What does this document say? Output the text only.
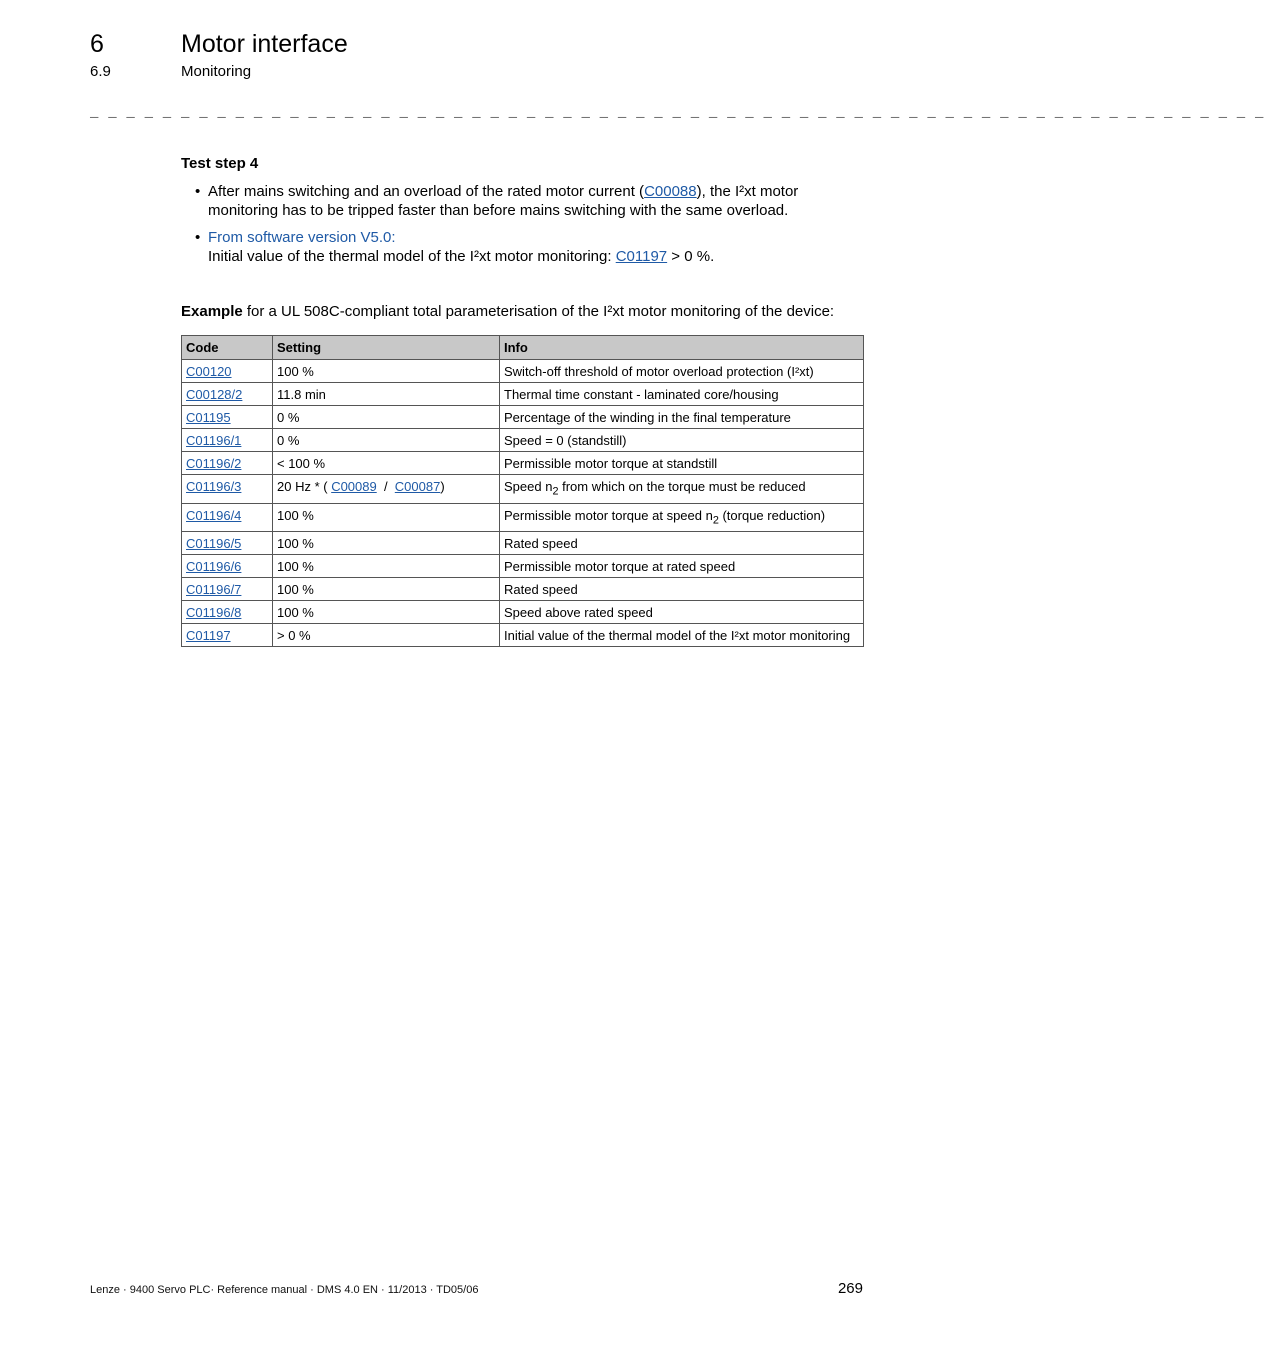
6	Motor interface
6.9	Monitoring
_ _ _ _ _ _ _ _ _ _ _ _ _ _ _ _ _ _ _ _ _ _ _ _ _ _ _ _ _ _ _ _ _ _ _ _ _ _ _ _ _ _ _ _ _ _ _ _ _ _ _ _ _ _ _ _ _ _ _ _ _ _ _ _ _
Test step 4
• After mains switching and an overload of the rated motor current (C00088), the I²xt motor monitoring has to be tripped faster than before mains switching with the same overload.
• From software version V5.0:
Initial value of the thermal model of the I²xt motor monitoring: C01197 > 0 %.
Example for a UL 508C-compliant total parameterisation of the I²xt motor monitoring of the device:
Code	Setting	Info
C00120	100 %	Switch-off threshold of motor overload protection (I²xt)
C00128/2	11.8 min	Thermal time constant - laminated core/housing
C01195	0 %	Percentage of the winding in the final temperature
C01196/1	0 %	Speed = 0 (standstill)
C01196/2	< 100 %	Permissible motor torque at standstill
C01196/3	20 Hz * ( C00089  /  C00087)	Speed $n_2$ from which on the torque must be reduced
C01196/4	100 %	Permissible motor torque at speed $n_2$ (torque reduction)
C01196/5	100 %	Rated speed
C01196/6	100 %	Permissible motor torque at rated speed
C01196/7	100 %	Rated speed
C01196/8	100 %	Speed above rated speed
C01197	> 0 %	Initial value of the thermal model of the I²xt motor monitoring
Lenze · 9400 Servo PLC· Reference manual · DMS 4.0 EN · 11/2013 · TD05/06	269
